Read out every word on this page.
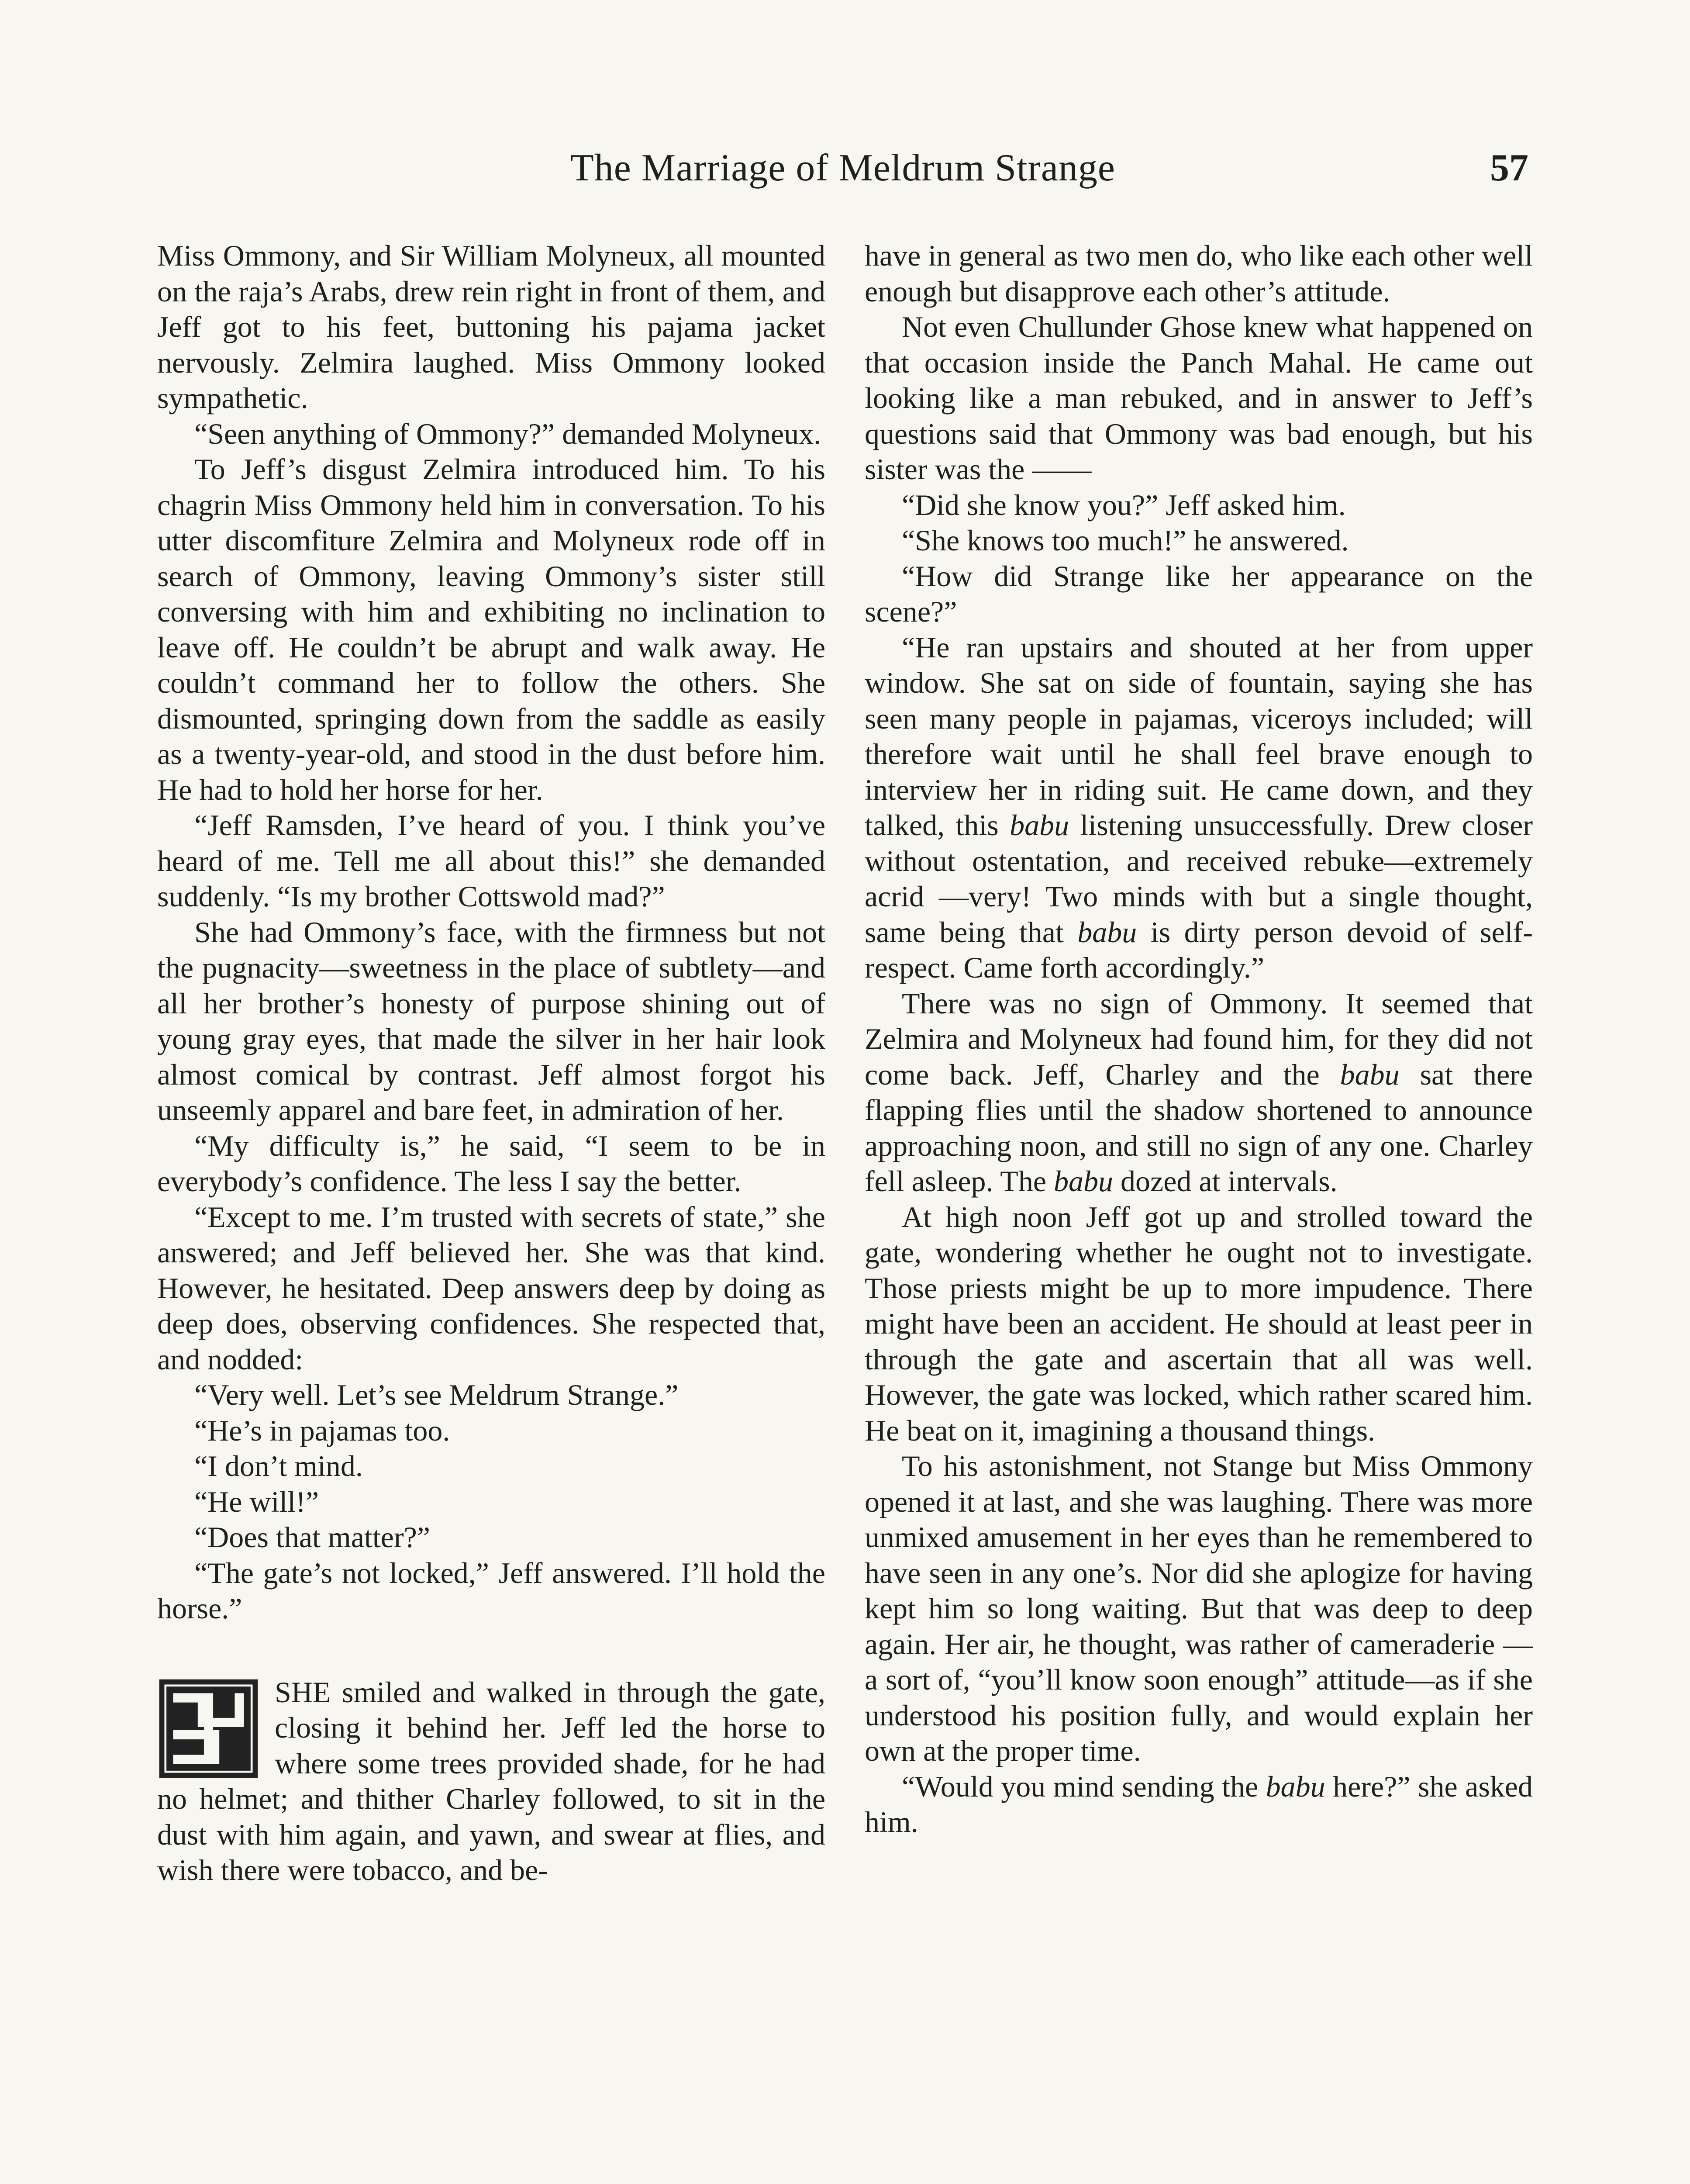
The Marriage of Meldrum Strange	57

Miss Ommony, and Sir William Molyneux, all mounted on the raja’s Arabs, drew rein right in front of them, and Jeff got to his feet, buttoning his pajama jacket nervously. Zelmira laughed. Miss Ommony looked sympathetic.

“Seen anything of Ommony?” demanded Molyneux.

To Jeff’s disgust Zelmira introduced him. To his chagrin Miss Ommony held him in conversation. To his utter discomfiture Zelmira and Molyneux rode off in search of Ommony, leaving Ommony’s sister still conversing with him and exhibiting no inclination to leave off. He couldn’t be abrupt and walk away. He couldn’t command her to follow the others. She dismounted, springing down from the saddle as easily as a twenty-year-old, and stood in the dust before him. He had to hold her horse for her.

“Jeff Ramsden, I’ve heard of you. I think you’ve heard of me. Tell me all about this!” she demanded suddenly. “Is my brother Cottswold mad?”

She had Ommony’s face, with the firmness but not the pugnacity—sweetness in the place of subtlety—and all her brother’s honesty of purpose shining out of young gray eyes, that made the silver in her hair look almost comical by contrast. Jeff almost forgot his unseemly apparel and bare feet, in admiration of her.

“My difficulty is,” he said, “I seem to be in everybody’s confidence. The less I say the better.

“Except to me. I’m trusted with secrets of state,” she answered; and Jeff believed her. She was that kind. However, he hesitated. Deep answers deep by doing as deep does, observing confidences. She respected that, and nodded:

“Very well. Let’s see Meldrum Strange.”

“He’s in pajamas too.

“I don’t mind.

“He will!”

“Does that matter?”

“The gate’s not locked,” Jeff answered. I’ll hold the horse.”

SHE smiled and walked in through the gate, closing it behind her. Jeff led the horse to where some trees provided shade, for he had no helmet; and thither Charley followed, to sit in the dust with him again, and yawn, and swear at flies, and wish there were tobacco, and be-

have in general as two men do, who like each other well enough but disapprove each other’s attitude.

Not even Chullunder Ghose knew what happened on that occasion inside the Panch Mahal. He came out looking like a man rebuked, and in answer to Jeff’s questions said that Ommony was bad enough, but his sister was the ——

“Did she know you?” Jeff asked him.

“She knows too much!” he answered.

“How did Strange like her appearance on the scene?”

“He ran upstairs and shouted at her from upper window. She sat on side of fountain, saying she has seen many people in pajamas, viceroys included; will therefore wait until he shall feel brave enough to interview her in riding suit. He came down, and they talked, this babu listening unsuccessfully. Drew closer without ostentation, and received rebuke—extremely acrid —very! Two minds with but a single thought, same being that babu is dirty person devoid of self-respect. Came forth accordingly.”

There was no sign of Ommony. It seemed that Zelmira and Molyneux had found him, for they did not come back. Jeff, Charley and the babu sat there flapping flies until the shadow shortened to announce approaching noon, and still no sign of any one. Charley fell asleep. The babu dozed at intervals.

At high noon Jeff got up and strolled toward the gate, wondering whether he ought not to investigate. Those priests might be up to more impudence. There might have been an accident. He should at least peer in through the gate and ascertain that all was well. However, the gate was locked, which rather scared him. He beat on it, imagining a thousand things.

To his astonishment, not Stange but Miss Ommony opened it at last, and she was laughing. There was more unmixed amusement in her eyes than he remembered to have seen in any one’s. Nor did she aplogize for having kept him so long waiting. But that was deep to deep again. Her air, he thought, was rather of cameraderie —a sort of, “you’ll know soon enough” attitude—as if she understood his position fully, and would explain her own at the proper time.

“Would you mind sending the babu here?” she asked him.
